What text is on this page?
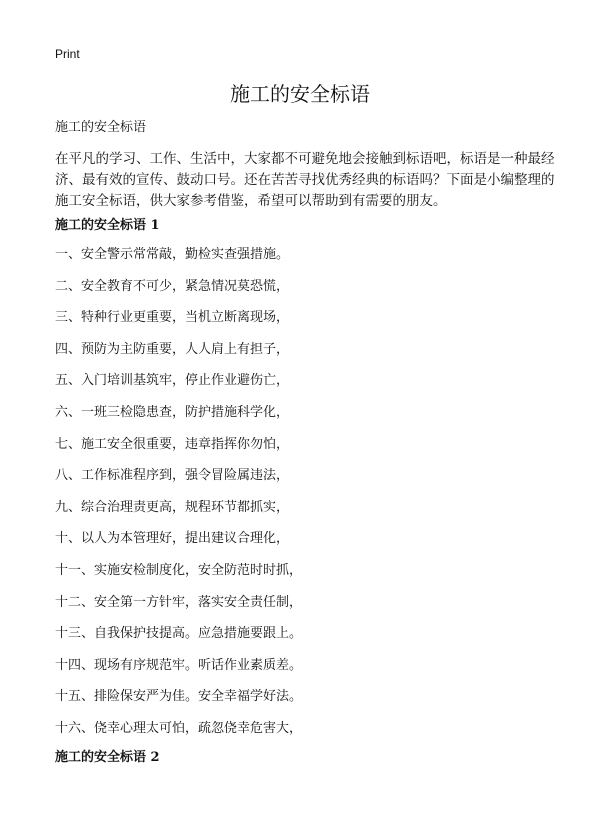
Print
施工的安全标语
施工的安全标语

在平凡的学习、工作、生活中，大家都不可避免地会接触到标语吧，标语是一种最经济、最有效的宣传、鼓动口号。还在苦苦寻找优秀经典的标语吗？下面是小编整理的施工安全标语，供大家参考借鉴，希望可以帮助到有需要的朋友。

施工的安全标语 1
一、安全警示常常敲，勤检实查强措施。
二、安全教育不可少，紧急情况莫恐慌，
三、特种行业更重要，当机立断离现场，
四、预防为主防重要，人人肩上有担子，
五、入门培训基筑牢，停止作业避伤亡，
六、一班三检隐患查，防护措施科学化，
七、施工安全很重要，违章指挥你勿怕，
八、工作标准程序到，强令冒险属违法，
九、综合治理责更高，规程环节都抓实，
十、以人为本管理好，提出建议合理化，
十一、实施安检制度化，安全防范时时抓，
十二、安全第一方针牢，落实安全责任制，
十三、自我保护技提高。应急措施要跟上。
十四、现场有序规范牢。听话作业素质差。
十五、排险保安严为佳。安全幸福学好法。
十六、侥幸心理太可怕，疏忽侥幸危害大，
施工的安全标语 2
